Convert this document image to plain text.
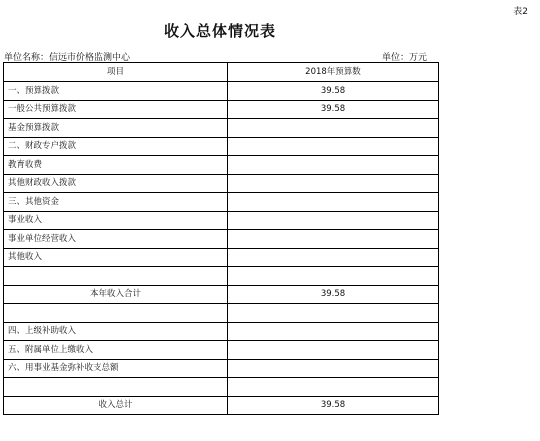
表2
收入总体情况表
单位名称：信远市价格监测中心	单位：万元
项目	2018年预算数
一、预算拨款	39.58
一般公共预算拨款	39.58
基金预算拨款	
二、财政专户拨款	
教育收费	
其他财政收入拨款	
三、其他资金	
事业收入	
事业单位经营收入	
其他收入	

本年收入合计	39.58

四、上级补助收入	
五、附属单位上缴收入	
六、用事业基金弥补收支总额	

收入总计	39.58
